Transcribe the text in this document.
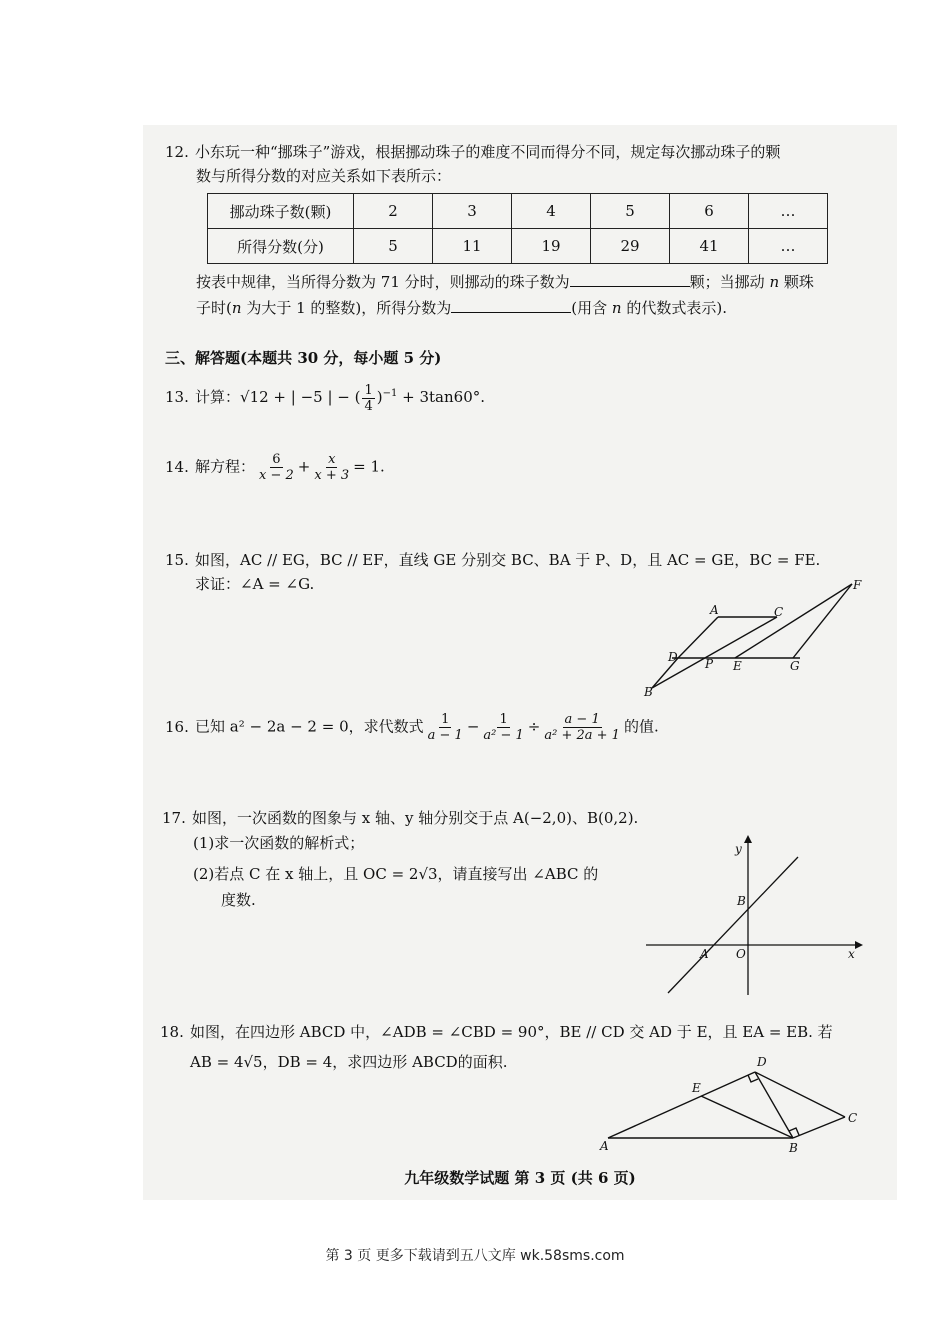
12. 小东玩一种“挪珠子”游戏，根据挪动珠子的难度不同而得分不同，规定每次挪动珠子的颗
数与所得分数的对应关系如下表所示：
挪动珠子数(颗)	2	3	4	5	6	…
所得分数(分)	5	11	19	29	41	…
按表中规律，当所得分数为 71 分时，则挪动的珠子数为	颗；当挪动 n 颗珠
子时(n 为大于 1 的整数)，所得分数为	(用含 n 的代数式表示).
三、解答题(本题共 30 分，每小题 5 分)
13. 计算：√12 + | −5 | − ( $\frac{1}{4} )^{-1} + 3\tan 60^\circ$.
14. 解方程： $\frac{6}{x - 2} + \frac{x}{x + 3} = 1$.
15. 如图，AC // EG，BC // EF，直线 GE 分别交 BC、BA 于 P、D，且 AC = GE，BC = FE.
求证：∠A = ∠G.
A	C
F
D P E	G
B
16. 已知 a² − 2a − 2 = 0，求代数式 $\frac{1}{a - 1} - \frac{1}{\text{a² − 1}} \div \frac{a - 1}{\text{a² + 2a + 1}}$ 的值.
17. 如图，一次函数的图象与 x 轴、y 轴分别交于点 A(−2,0)、B(0,2).
(1)求一次函数的解析式；
(2)若点 C 在 x 轴上，且 OC = 2√3，请直接写出 ∠ABC 的
度数.
y
B
A O	x
18. 如图，在四边形 ABCD 中，∠ADB = ∠CBD = 90°，BE // CD 交 AD 于 E，且 EA = EB. 若
AB = 4√5，DB = 4，求四边形 ABCD的面积.	D
E
C
A	B
九年级数学试题 第 3 页 (共 6 页)
第 3 页 更多下载请到五八文库 wk.58sms.com
